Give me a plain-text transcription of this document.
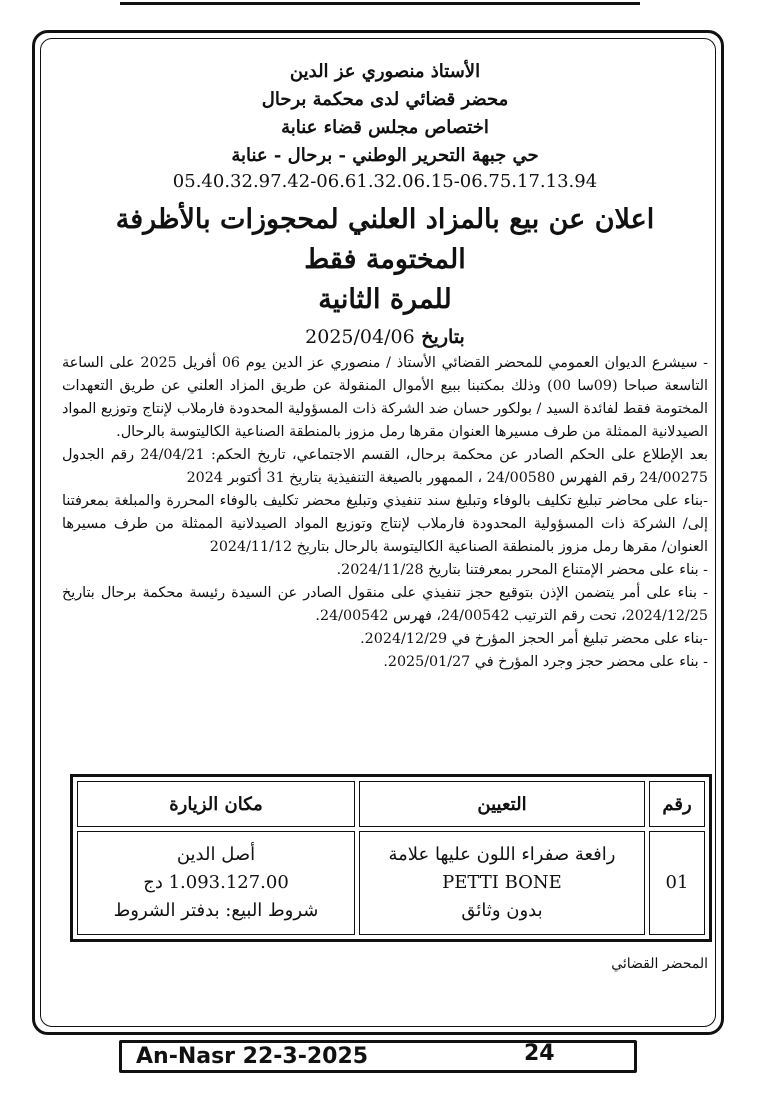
الأستاذ منصوري عز الدين

محضر قضائي لدى محكمة برحال

اختصاص مجلس قضاء عنابة

حي جبهة التحرير الوطني - برحال - عنابة

05.40.32.97.42-06.61.32.06.15-06.75.17.13.94

اعلان عن بيع بالمزاد العلني لمحجوزات بالأظرفة المختومة فقط
للمرة الثانية

بتاريخ 2025/04/06

- سيشرع الديوان العمومي للمحضر القضائي الأستاذ / منصوري عز الدين يوم 06 أفريل 2025 على الساعة التاسعة صباحا (09سا 00) وذلك بمكتبنا ببيع الأموال المنقولة عن طريق المزاد العلني عن طريق التعهدات المختومة فقط لفائدة السيد / بولكور حسان ضد الشركة ذات المسؤولية المحدودة فارملاب لإنتاج وتوزيع المواد الصيدلانية الممثلة من طرف مسيرها العنوان مقرها رمل مزوز بالمنطقة الصناعية الكاليتوسة بالرحال.

بعد الإطلاع على الحكم الصادر عن محكمة برحال، القسم الاجتماعي، تاريخ الحكم: 24/04/21 رقم الجدول 24/00275 رقم الفهرس 24/00580 ، الممهور بالصيغة التنفيذية بتاريخ 31 أكتوبر 2024

-بناء على محاضر تبليغ تكليف بالوفاء وتبليغ سند تنفيذي وتبليغ محضر تكليف بالوفاء المحررة والمبلغة بمعرفتنا إلى/ الشركة ذات المسؤولية المحدودة فارملاب لإنتاج وتوزيع المواد الصيدلانية الممثلة من طرف مسيرها العنوان/ مقرها رمل مزوز بالمنطقة الصناعية الكاليتوسة بالرحال بتاريخ 2024/11/12

- بناء على محضر الإمتناع المحرر بمعرفتنا بتاريخ 2024/11/28.

- بناء على أمر يتضمن الإذن بتوقيع حجز تنفيذي على منقول الصادر عن السيدة رئيسة محكمة برحال بتاريخ 2024/12/25، تحت رقم الترتيب 24/00542، فهرس 24/00542.

-بناء على محضر تبليغ أمر الحجز المؤرخ في 2024/12/29.

- بناء على محضر حجز وجرد المؤرخ في 2025/01/27.

رقم	التعيين	مكان الزيارة
01	رافعة صفراء اللون عليها علامة
PETTI BONE
بدون وثائق	أصل الدين
1.093.127.00 دج
شروط البيع: بدفتر الشروط
المحضر القضائي
An-Nasr 22-3-2025	24
